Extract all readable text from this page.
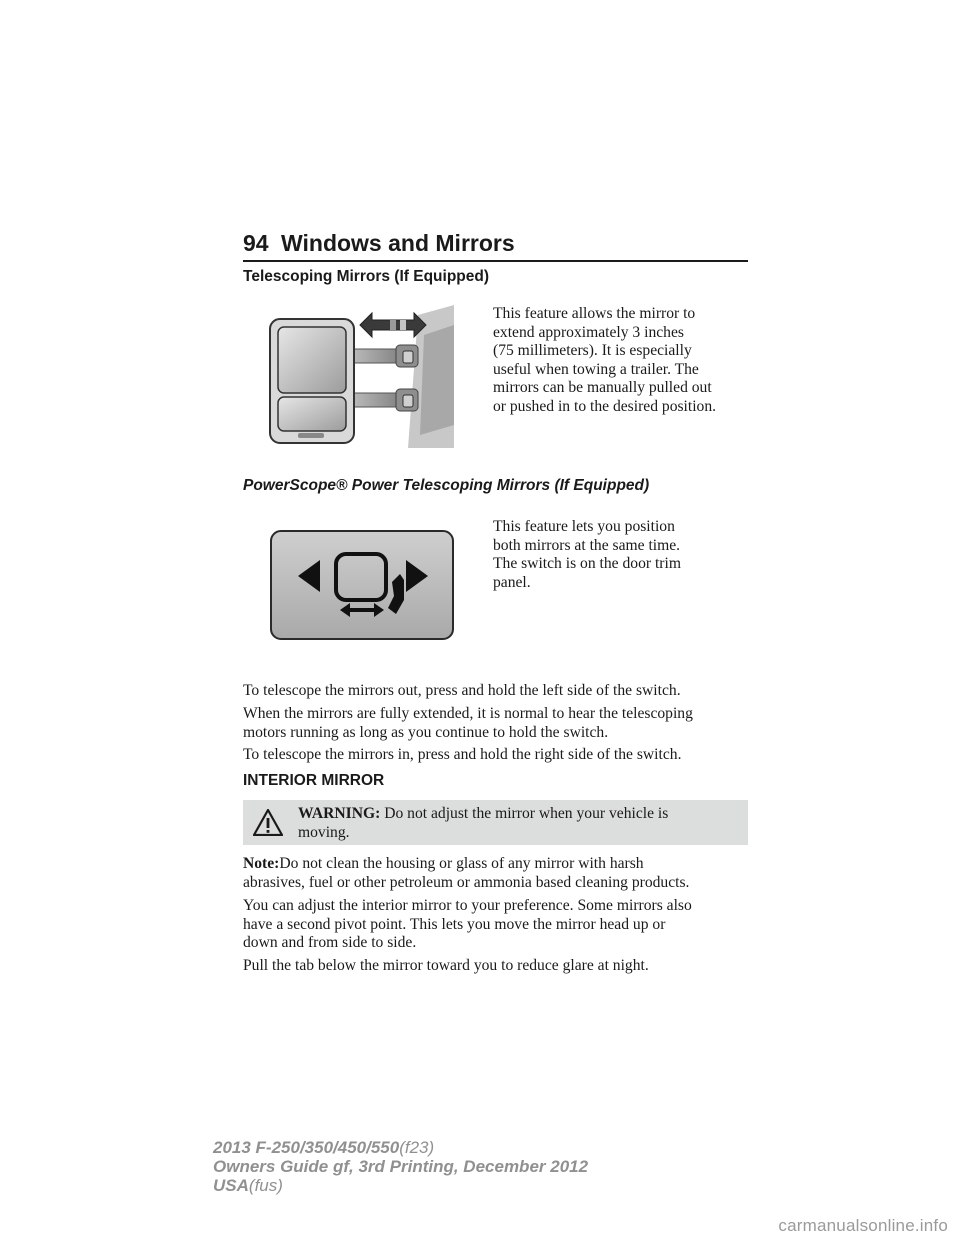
94 Windows and Mirrors
Telescoping Mirrors (If Equipped)
This feature allows the mirror to
extend approximately 3 inches
(75 millimeters). It is especially
useful when towing a trailer. The
mirrors can be manually pulled out
or pushed in to the desired position.
PowerScope® Power Telescoping Mirrors (If Equipped)
This feature lets you position
both mirrors at the same time.
The switch is on the door trim
panel.
To telescope the mirrors out, press and hold the left side of the switch.
When the mirrors are fully extended, it is normal to hear the telescoping
motors running as long as you continue to hold the switch.
To telescope the mirrors in, press and hold the right side of the switch.
INTERIOR MIRROR
WARNING: Do not adjust the mirror when your vehicle is
moving.
Note:Do not clean the housing or glass of any mirror with harsh
abrasives, fuel or other petroleum or ammonia based cleaning products.
You can adjust the interior mirror to your preference. Some mirrors also
have a second pivot point. This lets you move the mirror head up or
down and from side to side.
Pull the tab below the mirror toward you to reduce glare at night.
2013 F-250/350/450/550(f23)
Owners Guide gf, 3rd Printing, December 2012
USA(fus)
carmanualsonline.info
